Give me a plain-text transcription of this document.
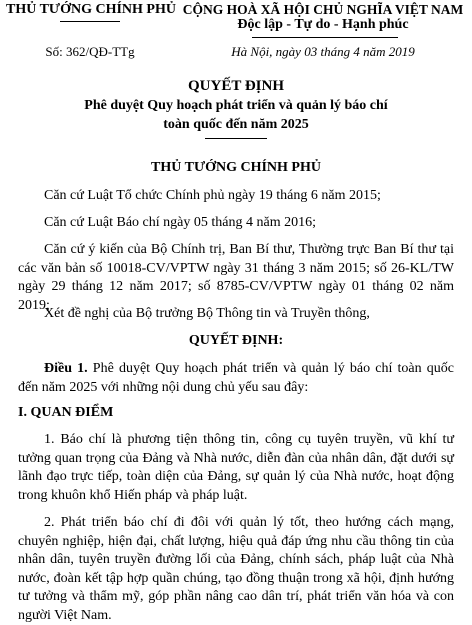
THỦ TƯỚNG CHÍNH PHỦ CỘNG HOÀ XÃ HỘI CHỦ NGHĨA VIỆT NAM
Độc lập - Tự do - Hạnh phúc
Số: 362/QĐ-TTg	Hà Nội, ngày 03 tháng 4 năm 2019
QUYẾT ĐỊNH
Phê duyệt Quy hoạch phát triển và quản lý báo chí
toàn quốc đến năm 2025
THỦ TƯỚNG CHÍNH PHỦ
Căn cứ Luật Tổ chức Chính phủ ngày 19 tháng 6 năm 2015;
Căn cứ Luật Báo chí ngày 05 tháng 4 năm 2016;
Căn cứ ý kiến của Bộ Chính trị, Ban Bí thư, Thường trực Ban Bí thư tại các văn bản số 10018-CV/VPTW ngày 31 tháng 3 năm 2015; số 26-KL/TW ngày 29 tháng 12 năm 2017; số 8785-CV/VPTW ngày 01 tháng 02 năm 2019;
Xét đề nghị của Bộ trưởng Bộ Thông tin và Truyền thông,
QUYẾT ĐỊNH:
Điều 1. Phê duyệt Quy hoạch phát triển và quản lý báo chí toàn quốc đến năm 2025 với những nội dung chủ yếu sau đây:
I. QUAN ĐIỂM
1. Báo chí là phương tiện thông tin, công cụ tuyên truyền, vũ khí tư tưởng quan trọng của Đảng và Nhà nước, diễn đàn của nhân dân, đặt dưới sự lãnh đạo trực tiếp, toàn diện của Đảng, sự quản lý của Nhà nước, hoạt động trong khuôn khổ Hiến pháp và pháp luật.
2. Phát triển báo chí đi đôi với quản lý tốt, theo hướng cách mạng, chuyên nghiệp, hiện đại, chất lượng, hiệu quả đáp ứng nhu cầu thông tin của nhân dân, tuyên truyền đường lối của Đảng, chính sách, pháp luật của Nhà nước, đoàn kết tập hợp quần chúng, tạo đồng thuận trong xã hội, định hướng tư tưởng và thẩm mỹ, góp phần nâng cao dân trí, phát triển văn hóa và con người Việt Nam.
